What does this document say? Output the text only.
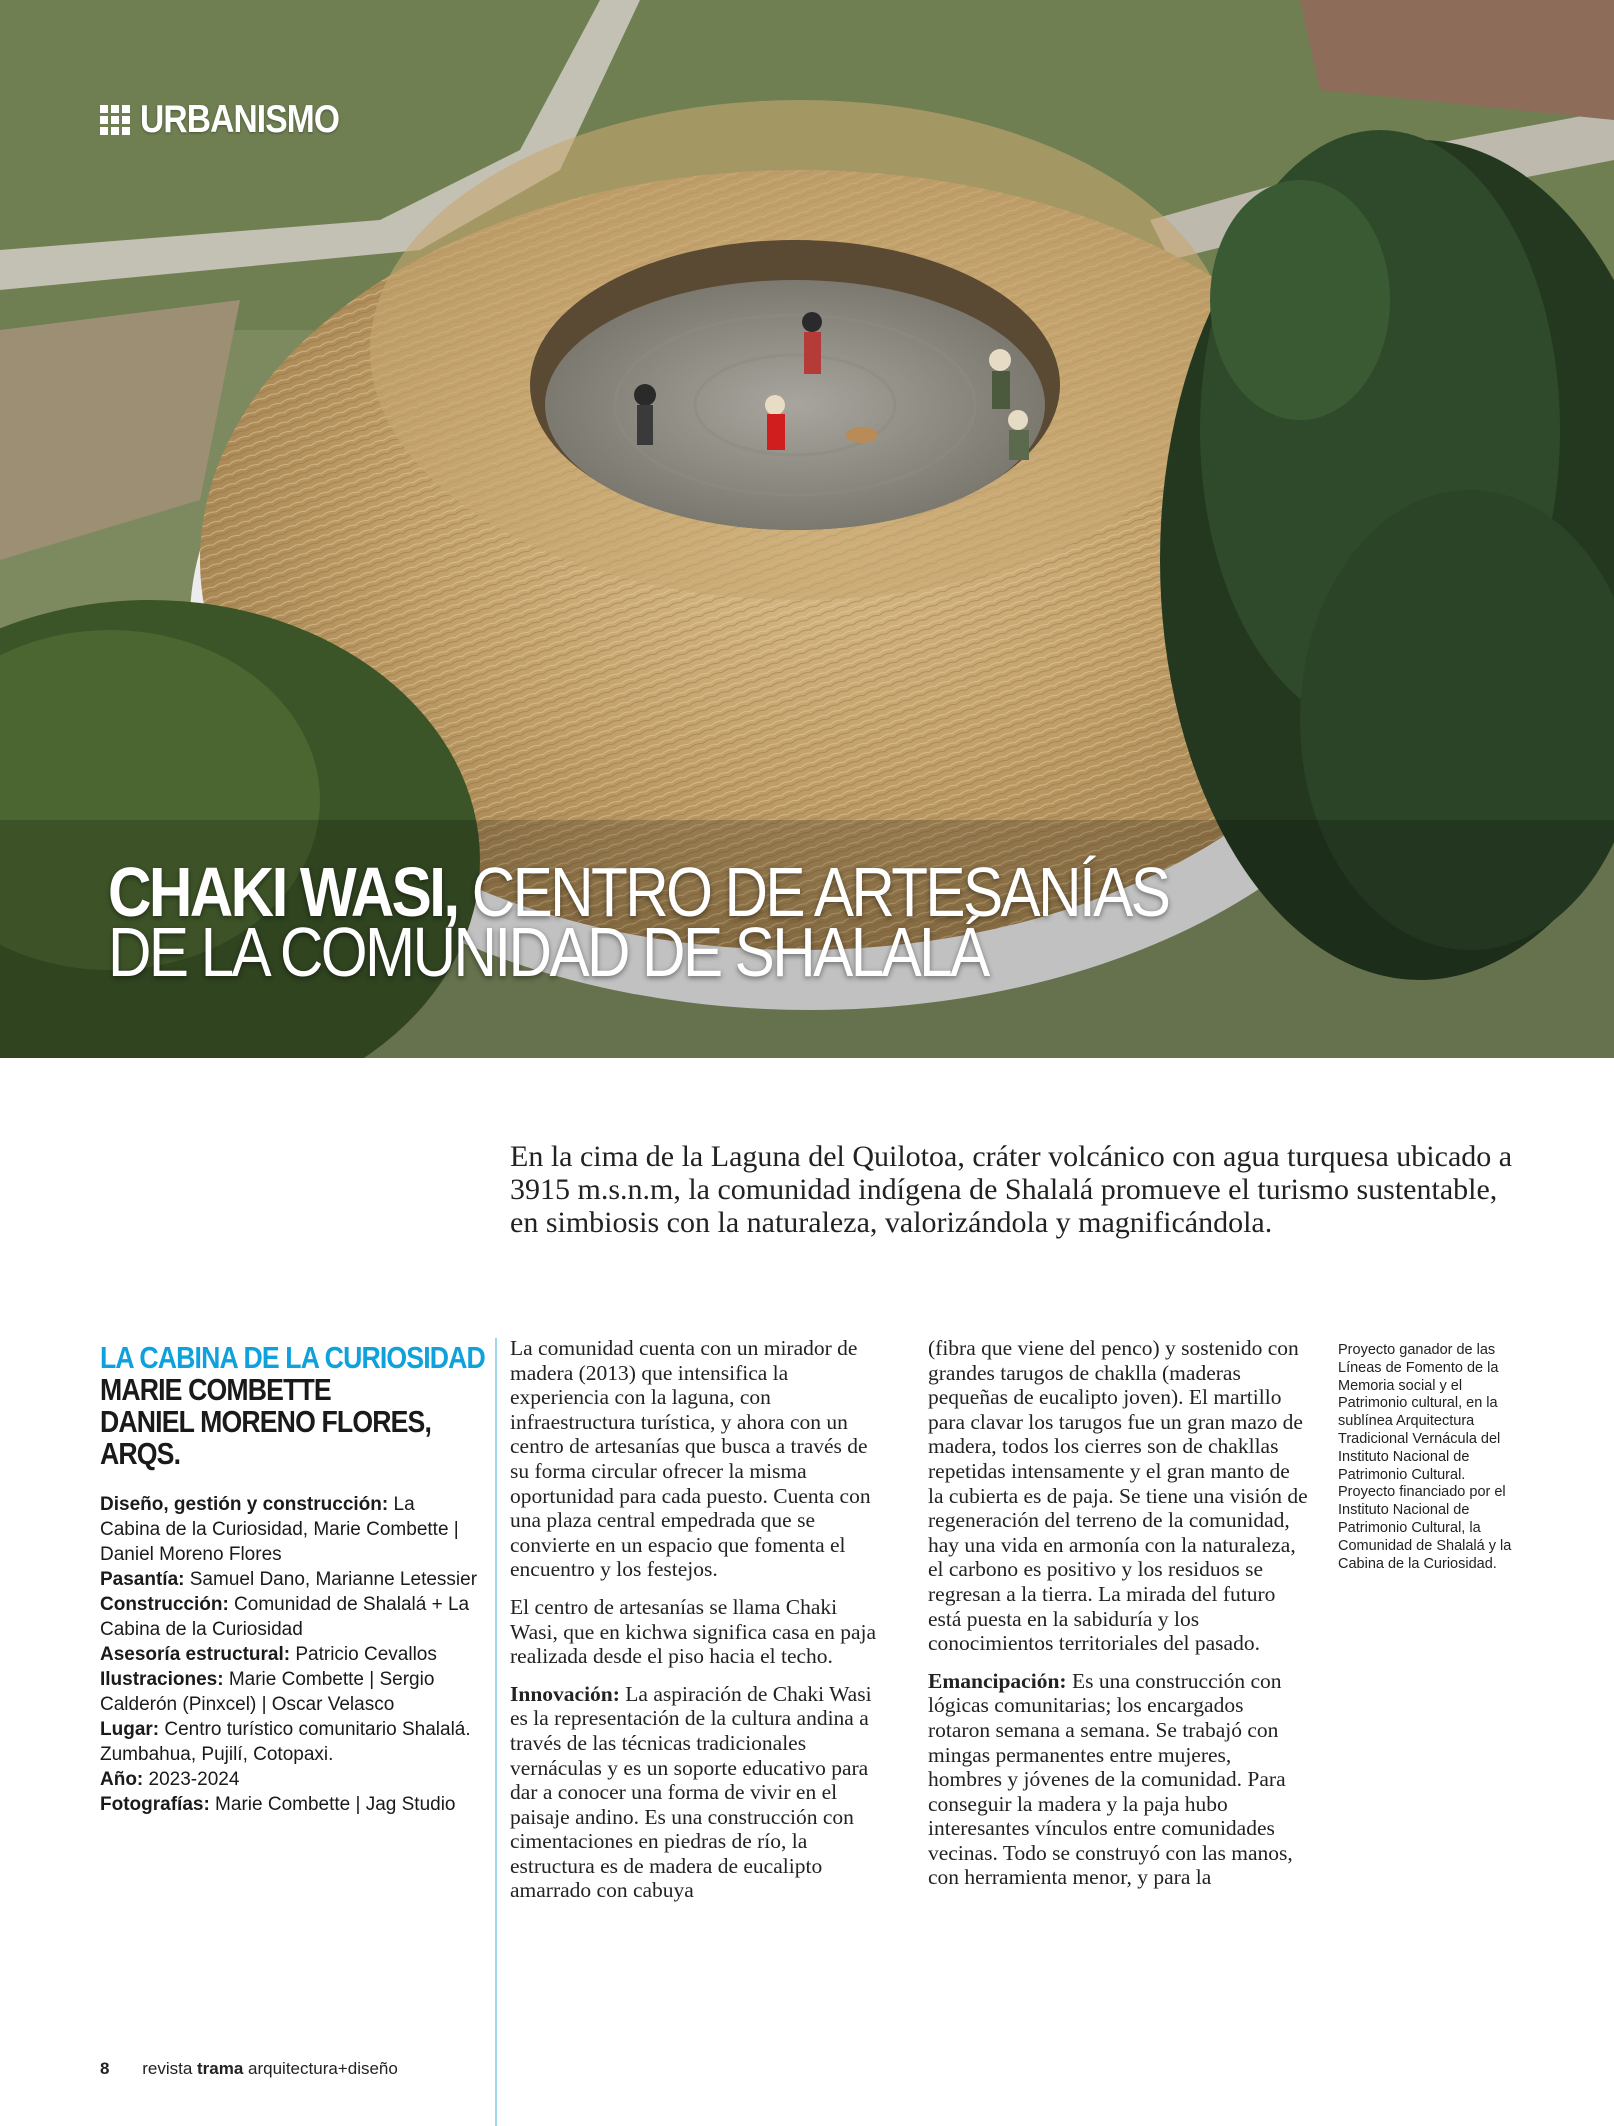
URBANISMO
CHAKI WASI, CENTRO DE ARTESANÍAS
DE LA COMUNIDAD DE SHALALÁ
En la cima de la Laguna del Quilotoa, cráter volcánico con agua turquesa ubicado a 3915 m.s.n.m, la comunidad indígena de Shalalá promueve el turismo sustentable, en simbiosis con la naturaleza, valorizándola y magnificándola.
LA CABINA DE LA CURIOSIDAD
MARIE COMBETTE
DANIEL MORENO FLORES,
ARQS.

Diseño, gestión y construcción: La Cabina de la Curiosidad, Marie Combette | Daniel Moreno Flores

Pasantía: Samuel Dano, Marianne Letessier

Construcción: Comunidad de Shalalá + La Cabina de la Curiosidad

Asesoría estructural: Patricio Cevallos

Ilustraciones: Marie Combette | Sergio Calderón (Pinxcel) | Oscar Velasco

Lugar: Centro turístico comunitario Shalalá. Zumbahua, Pujilí, Cotopaxi.

Año: 2023-2024

Fotografías: Marie Combette | Jag Studio

La comunidad cuenta con un mirador de madera (2013) que intensifica la experiencia con la laguna, con infraestructura turística, y ahora con un centro de artesanías que busca a través de su forma circular ofrecer la misma oportunidad para cada puesto. Cuenta con una plaza central empedrada que se convierte en un espacio que fomenta el encuentro y los festejos.

El centro de artesanías se llama Chaki Wasi, que en kichwa significa casa en paja realizada desde el piso hacia el techo.

Innovación: La aspiración de Chaki Wasi es la representación de la cultura andina a través de las técnicas tradicionales vernáculas y es un soporte educativo para dar a conocer una forma de vivir en el paisaje andino. Es una construcción con cimentaciones en piedras de río, la estructura es de madera de eucalipto amarrado con cabuya

(fibra que viene del penco) y sostenido con grandes tarugos de chaklla (maderas pequeñas de eucalipto joven). El martillo para clavar los tarugos fue un gran mazo de madera, todos los cierres son de chakllas repetidas intensamente y el gran manto de la cubierta es de paja. Se tiene una visión de regeneración del terreno de la comunidad, hay una vida en armonía con la naturaleza, el carbono es positivo y los residuos se regresan a la tierra. La mirada del futuro está puesta en la sabiduría y los conocimientos territoriales del pasado.

Emancipación: Es una construcción con lógicas comunitarias; los encargados rotaron semana a semana. Se trabajó con mingas permanentes entre mujeres, hombres y jóvenes de la comunidad. Para conseguir la madera y la paja hubo interesantes vínculos entre comunidades vecinas. Todo se construyó con las manos, con herramienta menor, y para la

Proyecto ganador de las Líneas de Fomento de la Memoria social y el Patrimonio cultural, en la sublínea Arquitectura Tradicional Vernácula del Instituto Nacional de Patrimonio Cultural. Proyecto financiado por el Instituto Nacional de Patrimonio Cultural, la Comunidad de Shalalá y la Cabina de la Curiosidad.
8 revista trama arquitectura+diseño
